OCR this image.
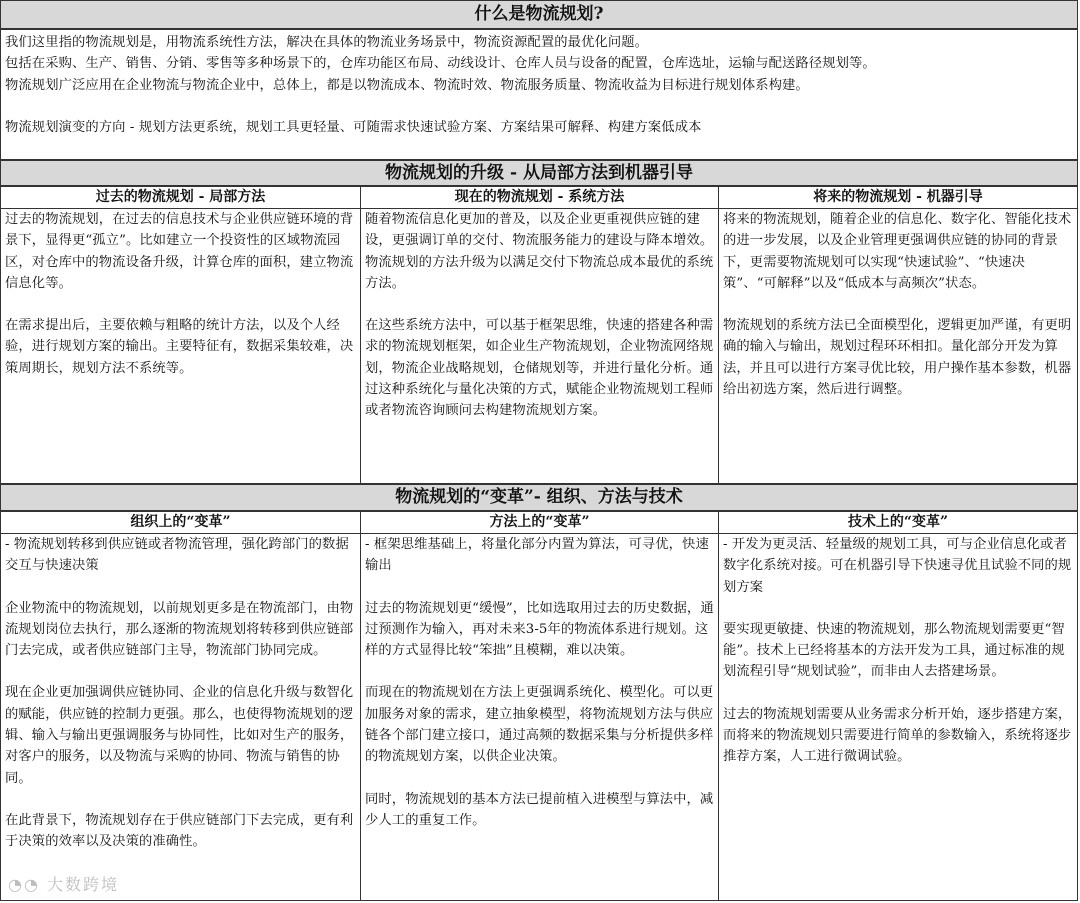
什么是物流规划?

我们这里指的物流规划是，用物流系统性方法，解决在具体的物流业务场景中，物流资源配置的最优化问题。

包括在采购、生产、销售、分销、零售等多种场景下的，仓库功能区布局、动线设计、仓库人员与设备的配置，仓库选址，运输与配送路径规划等。

物流规划广泛应用在企业物流与物流企业中，总体上，都是以物流成本、物流时效、物流服务质量、物流收益为目标进行规划体系构建。

物流规划演变的方向 - 规划方法更系统，规划工具更轻量、可随需求快速试验方案、方案结果可解释、构建方案低成本

物流规划的升级 - 从局部方法到机器引导
过去的物流规划 - 局部方法

过去的物流规划，在过去的信息技术与企业供应链环境的背景下，显得更“孤立”。比如建立一个投资性的区域物流园区，对仓库中的物流设备升级，计算仓库的面积，建立物流信息化等。

在需求提出后，主要依赖与粗略的统计方法，以及个人经验，进行规划方案的输出。主要特征有，数据采集较难，决策周期长，规划方法不系统等。

现在的物流规划 - 系统方法

随着物流信息化更加的普及，以及企业更重视供应链的建设，更强调订单的交付、物流服务能力的建设与降本增效。物流规划的方法升级为以满足交付下物流总成本最优的系统方法。

在这些系统方法中，可以基于框架思维，快速的搭建各种需求的物流规划框架，如企业生产物流规划，企业物流网络规划，物流企业战略规划，仓储规划等，并进行量化分析。通过这种系统化与量化决策的方式，赋能企业物流规划工程师或者物流咨询顾问去构建物流规划方案。

将来的物流规划 - 机器引导

将来的物流规划，随着企业的信息化、数字化、智能化技术的进一步发展，以及企业管理更强调供应链的协同的背景下，更需要物流规划可以实现“快速试验”、“快速决策”、“可解释”以及“低成本与高频次”状态。

物流规划的系统方法已全面模型化，逻辑更加严谨，有更明确的输入与输出，规划过程环环相扣。量化部分开发为算法，并且可以进行方案寻优比较，用户操作基本参数，机器给出初选方案，然后进行调整。

物流规划的“变革”- 组织、方法与技术
组织上的“变革”

- 物流规划转移到供应链或者物流管理，强化跨部门的数据交互与快速决策

企业物流中的物流规划，以前规划更多是在物流部门，由物流规划岗位去执行，那么逐渐的物流规划将转移到供应链部门去完成，或者供应链部门主导，物流部门协同完成。

现在企业更加强调供应链协同、企业的信息化升级与数智化的赋能，供应链的控制力更强。那么，也使得物流规划的逻辑、输入与输出更强调服务与协同性，比如对生产的服务，对客户的服务，以及物流与采购的协同、物流与销售的协同。

在此背景下，物流规划存在于供应链部门下去完成，更有利于决策的效率以及决策的准确性。

方法上的“变革”

- 框架思维基础上，将量化部分内置为算法，可寻优，快速输出

过去的物流规划更“缓慢”，比如选取用过去的历史数据，通过预测作为输入，再对未来3-5年的物流体系进行规划。这样的方式显得比较“笨拙”且模糊，难以决策。

而现在的物流规划在方法上更强调系统化、模型化。可以更加服务对象的需求，建立抽象模型，将物流规划方法与供应链各个部门建立接口，通过高频的数据采集与分析提供多样的物流规划方案，以供企业决策。

同时，物流规划的基本方法已提前植入进模型与算法中，减少人工的重复工作。

技术上的“变革”

- 开发为更灵活、轻量级的规划工具，可与企业信息化或者数字化系统对接。可在机器引导下快速寻优且试验不同的规划方案

要实现更敏捷、快速的物流规划，那么物流规划需要更“智能”。技术上已经将基本的方法开发为工具，通过标准的规划流程引导“规划试验”，而非由人去搭建场景。

过去的物流规划需要从业务需求分析开始，逐步搭建方案，而将来的物流规划只需要进行简单的参数输入，系统将逐步推荐方案，人工进行微调试验。

◔◔ 大数跨境
